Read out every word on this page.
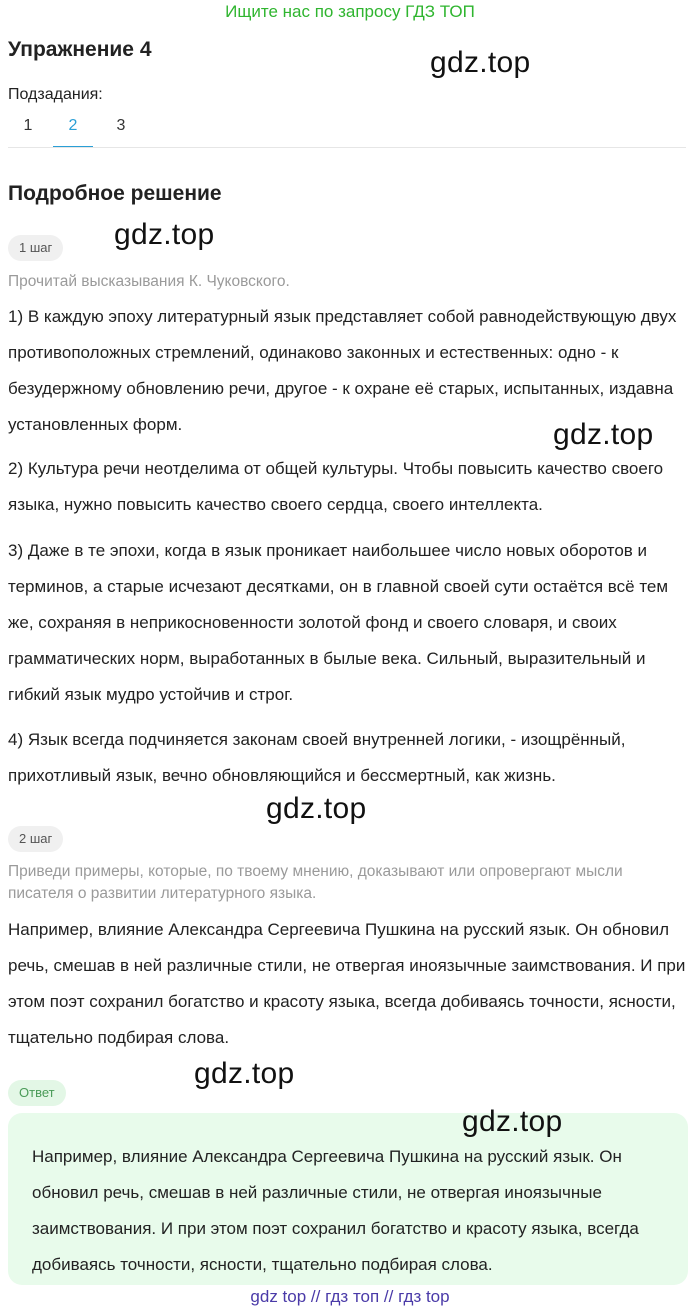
Ищите нас по запросу ГДЗ ТОП
Упражнение 4	gdz.top
Подзадания:
1	2	3
Подробное решение
1 шаг	gdz.top
Прочитай высказывания К. Чуковского.
1) В каждую эпоху литературный язык представляет собой равнодействующую двух противоположных стремлений, одинаково законных и естественных: одно - к безудержному обновлению речи, другое - к охране её старых, испытанных, издавна установленных форм.	gdz.top
2) Культура речи неотделима от общей культуры. Чтобы повысить качество своего языка, нужно повысить качество своего сердца, своего интеллекта.
3) Даже в те эпохи, когда в язык проникает наибольшее число новых оборотов и терминов, а старые исчезают десятками, он в главной своей сути остаётся всё тем же, сохраняя в неприкосновенности золотой фонд и своего словаря, и своих грамматических норм, выработанных в былые века. Сильный, выразительный и гибкий язык мудро устойчив и строг.
4) Язык всегда подчиняется законам своей внутренней логики, - изощрённый, прихотливый язык, вечно обновляющийся и бессмертный, как жизнь.
gdz.top
2 шаг
Приведи примеры, которые, по твоему мнению, доказывают или опровергают мысли писателя о развитии литературного языка.
Например, влияние Александра Сергеевича Пушкина на русский язык. Он обновил речь, смешав в ней различные стили, не отвергая иноязычные заимствования. И при этом поэт сохранил богатство и красоту языка, всегда добиваясь точности, ясности, тщательно подбирая слова.
gdz.top
Ответ
gdz.top
Например, влияние Александра Сергеевича Пушкина на русский язык. Он обновил речь, смешав в ней различные стили, не отвергая иноязычные заимствования. И при этом поэт сохранил богатство и красоту языка, всегда добиваясь точности, ясности, тщательно подбирая слова.
gdz top // гдз топ // гдз top
